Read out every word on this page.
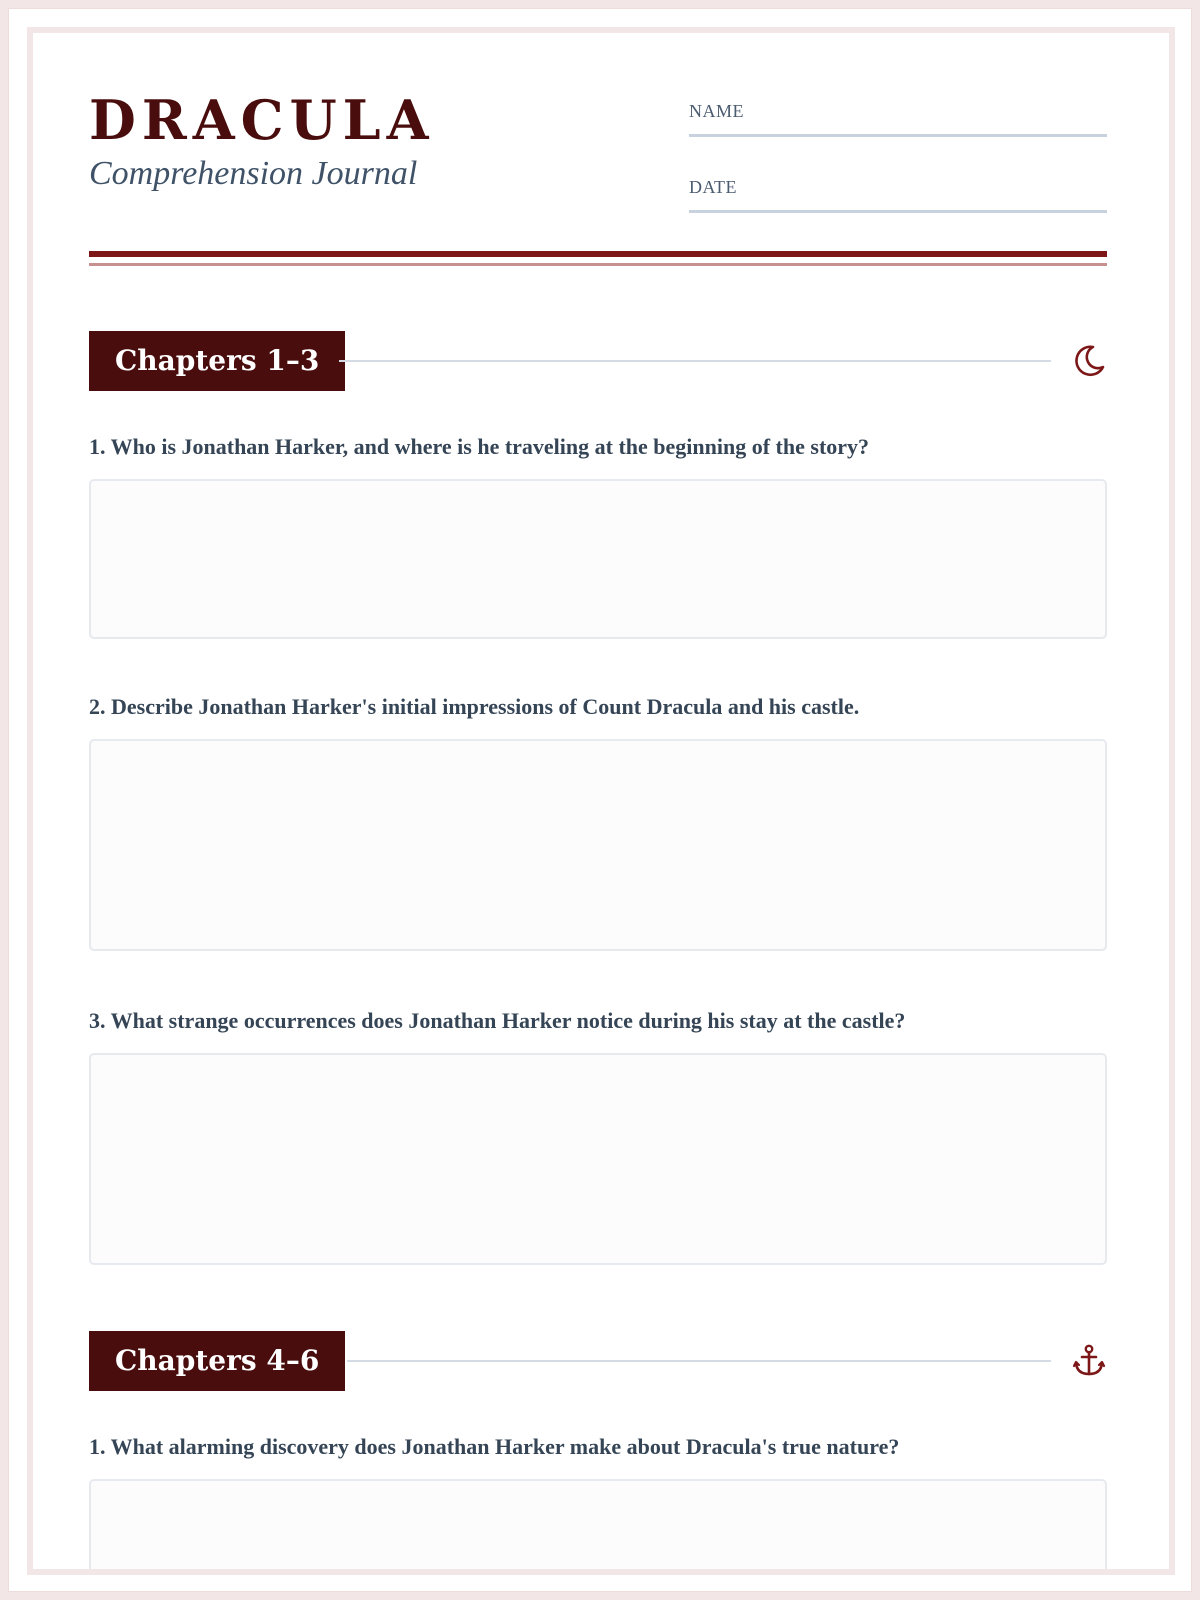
DRACULA
Comprehension Journal
NAME
DATE
Chapters 1–3
1. Who is Jonathan Harker, and where is he traveling at the beginning of the story?
2. Describe Jonathan Harker's initial impressions of Count Dracula and his castle.
3. What strange occurrences does Jonathan Harker notice during his stay at the castle?
Chapters 4–6
1. What alarming discovery does Jonathan Harker make about Dracula's true nature?
